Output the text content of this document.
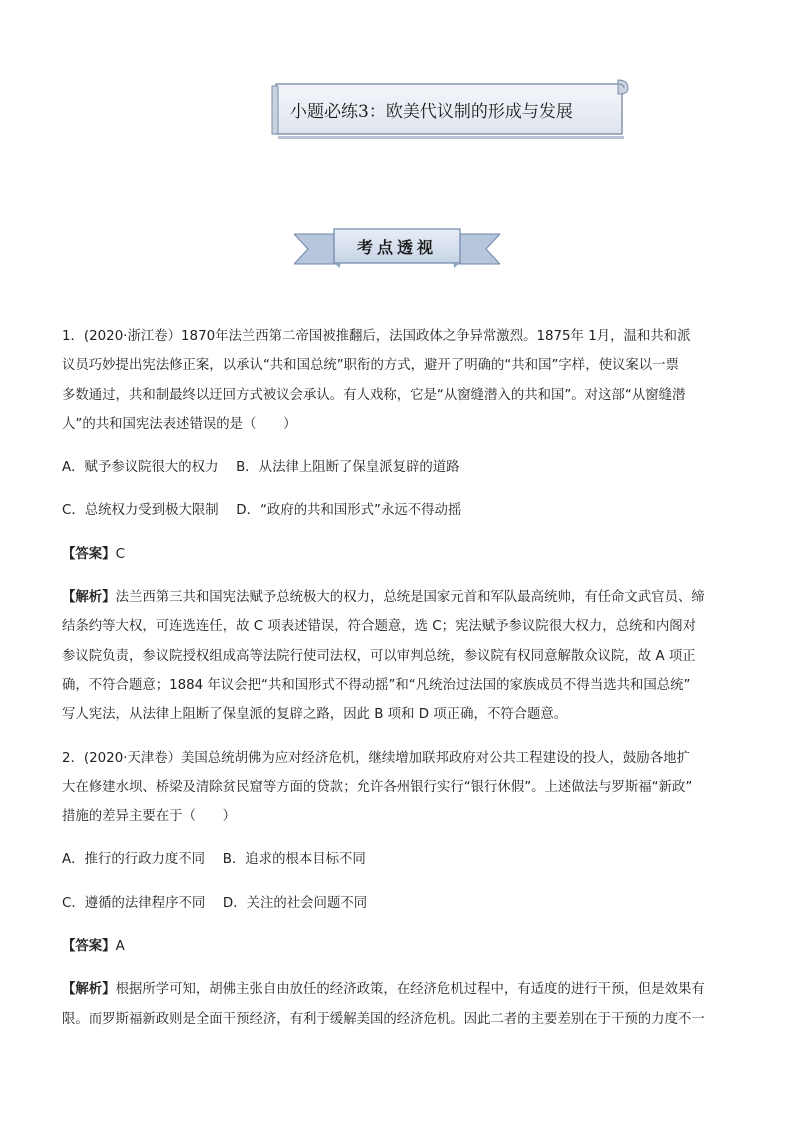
小题必练3：欧美代议制的形成与发展
考点透视

1．(2020·浙江卷）1870年法兰西第二帝国被推翻后，法国政体之争异常激烈。1875年 1月，温和共和派

议员巧妙提出宪法修正案，以承认“共和国总统”职衔的方式，避开了明确的“共和国”字样，使议案以一票

多数通过，共和制最终以迂回方式被议会承认。有人戏称，它是“从窗缝潜入的共和国”。对这部“从窗缝潜

人”的共和国宪法表述错误的是（　　）

A．赋予参议院很大的权力　 B．从法律上阻断了保皇派复辟的道路

C．总统权力受到极大限制　 D．“政府的共和国形式”永远不得动摇

【答案】C

【解析】法兰西第三共和国宪法赋予总统极大的权力，总统是国家元首和军队最高统帅，有任命文武官员、缔

结条约等大权，可连选连任，故 C 项表述错误，符合题意，选 C；宪法赋予参议院很大权力，总统和内阁对

参议院负责，参议院授权组成高等法院行使司法权，可以审判总统，参议院有权同意解散众议院，故 A 项正

确，不符合题意；1884 年议会把“共和国形式不得动摇”和“凡统治过法国的家族成员不得当选共和国总统”

写人宪法，从法律上阻断了保皇派的复辟之路，因此 B 项和 D 项正确，不符合题意。

2．(2020·天津卷）美国总统胡佛为应对经济危机，继续增加联邦政府对公共工程建设的投人，鼓励各地扩

大在修建水坝、桥梁及清除贫民窟等方面的贷款；允许各州银行实行“银行休假”。上述做法与罗斯福“新政”

措施的差异主要在于（　　）

A．推行的行政力度不同　 B．追求的根本目标不同

C．遵循的法律程序不同　 D．关注的社会问题不同

【答案】A

【解析】根据所学可知，胡佛主张自由放任的经济政策，在经济危机过程中，有适度的进行干预，但是效果有

限。而罗斯福新政则是全面干预经济，有利于缓解美国的经济危机。因此二者的主要差别在于干预的力度不一
